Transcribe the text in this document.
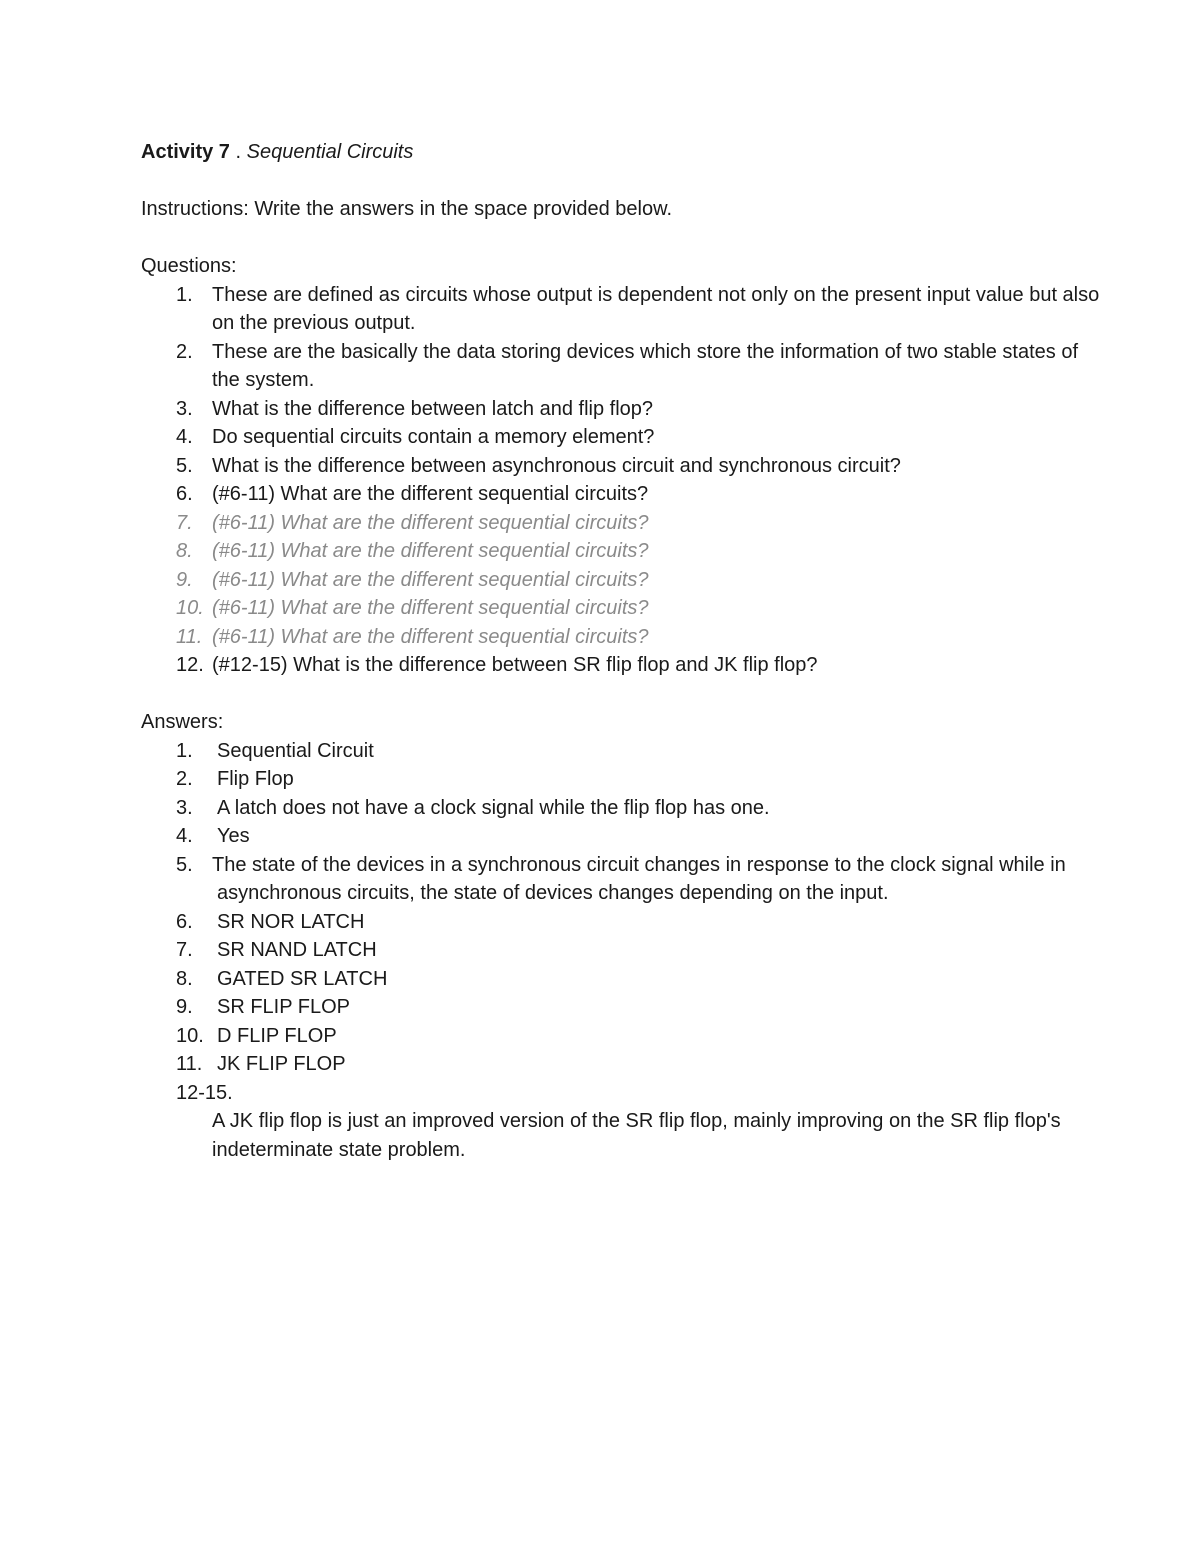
Activity 7 . Sequential Circuits

Instructions: Write the answers in the space provided below.
Questions:
1. These are defined as circuits whose output is dependent not only on the present input value but also on the previous output.
2. These are the basically the data storing devices which store the information of two stable states of the system.
3. What is the difference between latch and flip flop?
4. Do sequential circuits contain a memory element?
5. What is the difference between asynchronous circuit and synchronous circuit?
6. (#6-11) What are the different sequential circuits?
7. (#6-11) What are the different sequential circuits?
8. (#6-11) What are the different sequential circuits?
9. (#6-11) What are the different sequential circuits?
10. (#6-11) What are the different sequential circuits?
11. (#6-11) What are the different sequential circuits?
12. (#12-15) What is the difference between SR flip flop and JK flip flop?
Answers:
1. Sequential Circuit
2. Flip Flop
3. A latch does not have a clock signal while the flip flop has one.
4. Yes
5. The state of the devices in a synchronous circuit changes in response to the clock signal while in asynchronous circuits, the state of devices changes depending on the input.
6. SR NOR LATCH
7. SR NAND LATCH
8. GATED SR LATCH
9. SR FLIP FLOP
10. D FLIP FLOP
11. JK FLIP FLOP
12-15.
A JK flip flop is just an improved version of the SR flip flop, mainly improving on the SR flip flop's indeterminate state problem.
